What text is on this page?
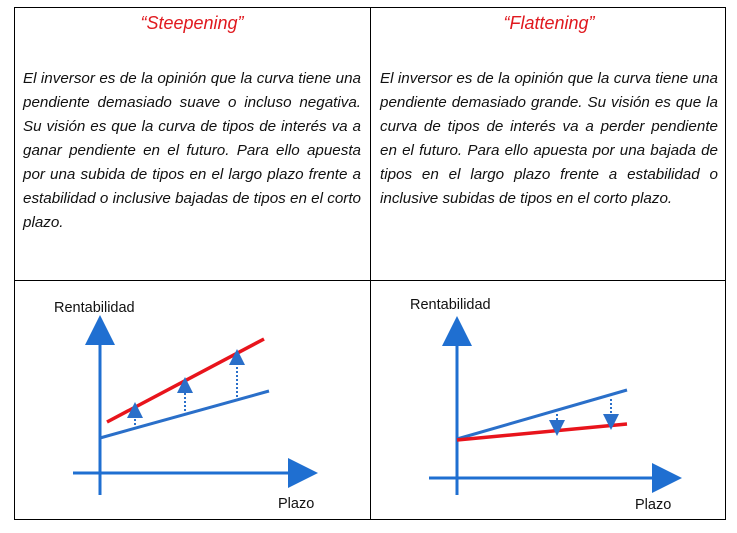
“Steepening”
El inversor es de la opinión que la curva tiene una pendiente demasiado suave o incluso negativa. Su visión es que la curva de tipos de interés va a ganar pendiente en el futuro. Para ello apuesta por una subida de tipos en el largo plazo frente a estabilidad o inclusive bajadas de tipos en el corto plazo.
“Flattening”
El inversor es de la opinión que la curva tiene una pendiente demasiado grande. Su visión es que la curva de tipos de interés va a perder pendiente en el futuro. Para ello apuesta por una bajada de tipos en el largo plazo frente a estabilidad o inclusive subidas de tipos en el corto plazo.
Rentabilidad
Plazo
Rentabilidad
Plazo
